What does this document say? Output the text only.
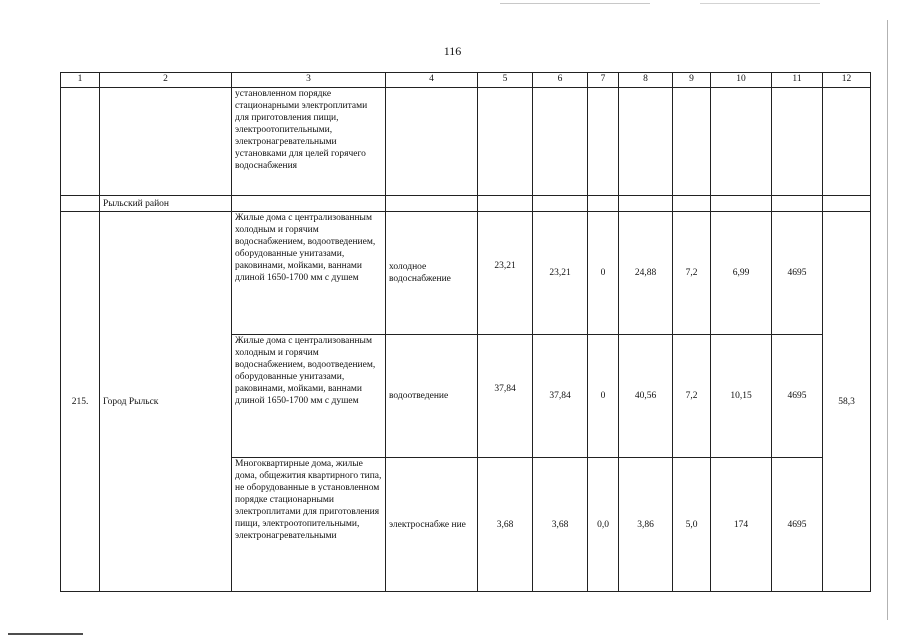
116
1	2	3	4	5	6	7	8	9	10	11	12
		установленном порядке стационарными электроплитами для приготовления пищи, электроотопительными, электронагревательными установками для целей горячего водоснабжения									
	Рыльский район										
215.	Город Рыльск	Жилые дома с централизованным холодным и горячим водоснабжением, водоотведением, оборудованные унитазами, раковинами, мойками, ваннами длиной 1650-1700 мм с душем	холодное водоснабжение	23,21	23,21	0	24,88	7,2	6,99	4695	58,3
		Жилые дома с централизованным холодным и горячим водоснабжением, водоотведением, оборудованные унитазами, раковинами, мойками, ваннами длиной 1650-1700 мм с душем	водоотведение	37,84	37,84	0	40,56	7,2	10,15	4695	
		Многоквартирные дома, жилые дома, общежития квартирного типа, не оборудованные в установленном порядке стационарными электроплитами для приготовления пищи, электроотопительными, электронагревательными	электроснабже ние	3,68	3,68	0,0	3,86	5,0	174	4695	
